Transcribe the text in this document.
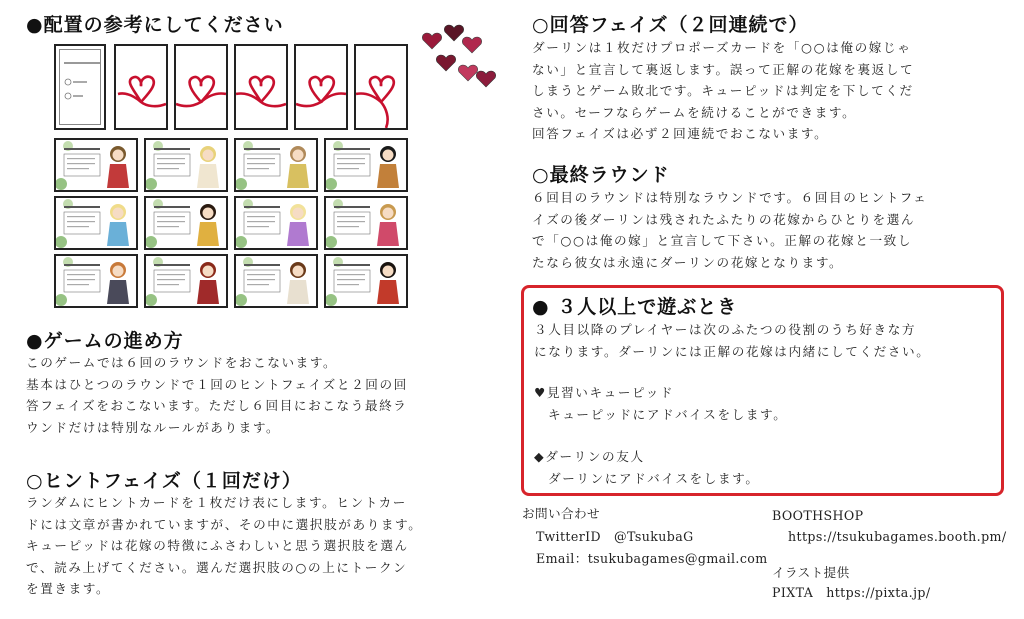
●配置の参考にしてください
●ゲームの進め方

このゲームでは６回のラウンドをおこないます。

基本はひとつのラウンドで１回のヒントフェイズと２回の回

答フェイズをおこないます。ただし６回目におこなう最終ラ

ウンドだけは特別なルールがあります。

○ヒントフェイズ（１回だけ）

ランダムにヒントカードを１枚だけ表にします。ヒントカー

ドには文章が書かれていますが、その中に選択肢があります。

キューピッドは花嫁の特徴にふさわしいと思う選択肢を選ん

で、読み上げてください。選んだ選択肢の○の上にトークン

を置きます。

○回答フェイズ（２回連続で）

ダーリンは１枚だけプロポーズカードを「○○は俺の嫁じゃ

ない」と宣言して裏返します。誤って正解の花嫁を裏返して

しまうとゲーム敗北です。キューピッドは判定を下してくだ

さい。セーフならゲームを続けることができます。

回答フェイズは必ず２回連続でおこないます。

○最終ラウンド

６回目のラウンドは特別なラウンドです。６回目のヒントフェ

イズの後ダーリンは残されたふたりの花嫁からひとりを選ん

で「○○は俺の嫁」と宣言して下さい。正解の花嫁と一致し

たなら彼女は永遠にダーリンの花嫁となります。

● ３人以上で遊ぶとき

３人目以降のプレイヤーは次のふたつの役割のうち好きな方

になります。ダーリンには正解の花嫁は内緒にしてください。

♥見習いキューピッド

キューピッドにアドバイスをします。

◆ダーリンの友人

ダーリンにアドバイスをします。

お問い合わせ
TwitterID　@TsukubaG
Email：tsukubagames@gmail.com
BOOTHSHOP
https://tsukubagames.booth.pm/
イラスト提供
PIXTA　https://pixta.jp/
